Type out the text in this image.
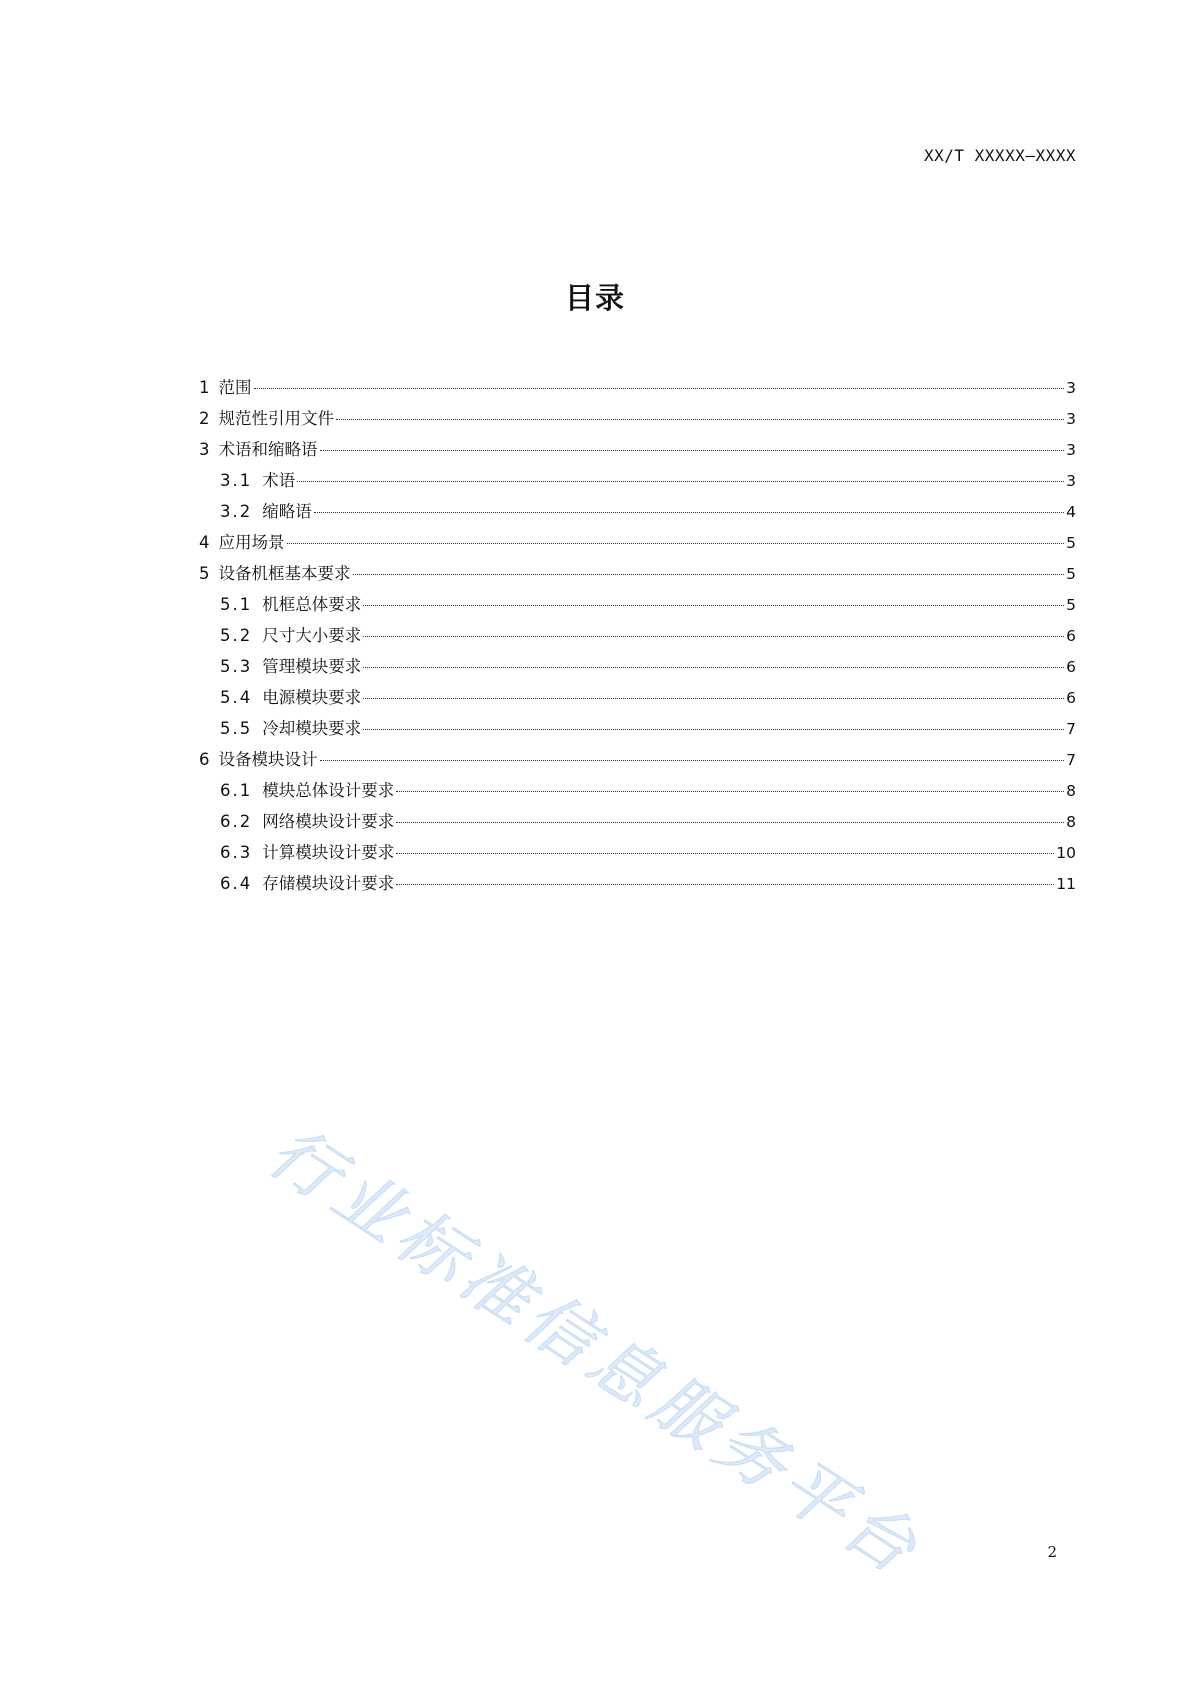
XX/T XXXXX—XXXX
目录
1 范围	3
2 规范性引用文件	3
3 术语和缩略语	3
3.1 术语	3
3.2 缩略语	4
4 应用场景	5
5 设备机框基本要求	5
5.1 机框总体要求	5
5.2 尺寸大小要求	6
5.3 管理模块要求	6
5.4 电源模块要求	6
5.5 冷却模块要求	7
6 设备模块设计	7
6.1 模块总体设计要求	8
6.2 网络模块设计要求	8
6.3 计算模块设计要求	10
6.4 存储模块设计要求	11
行业标准信息服务平台	2
